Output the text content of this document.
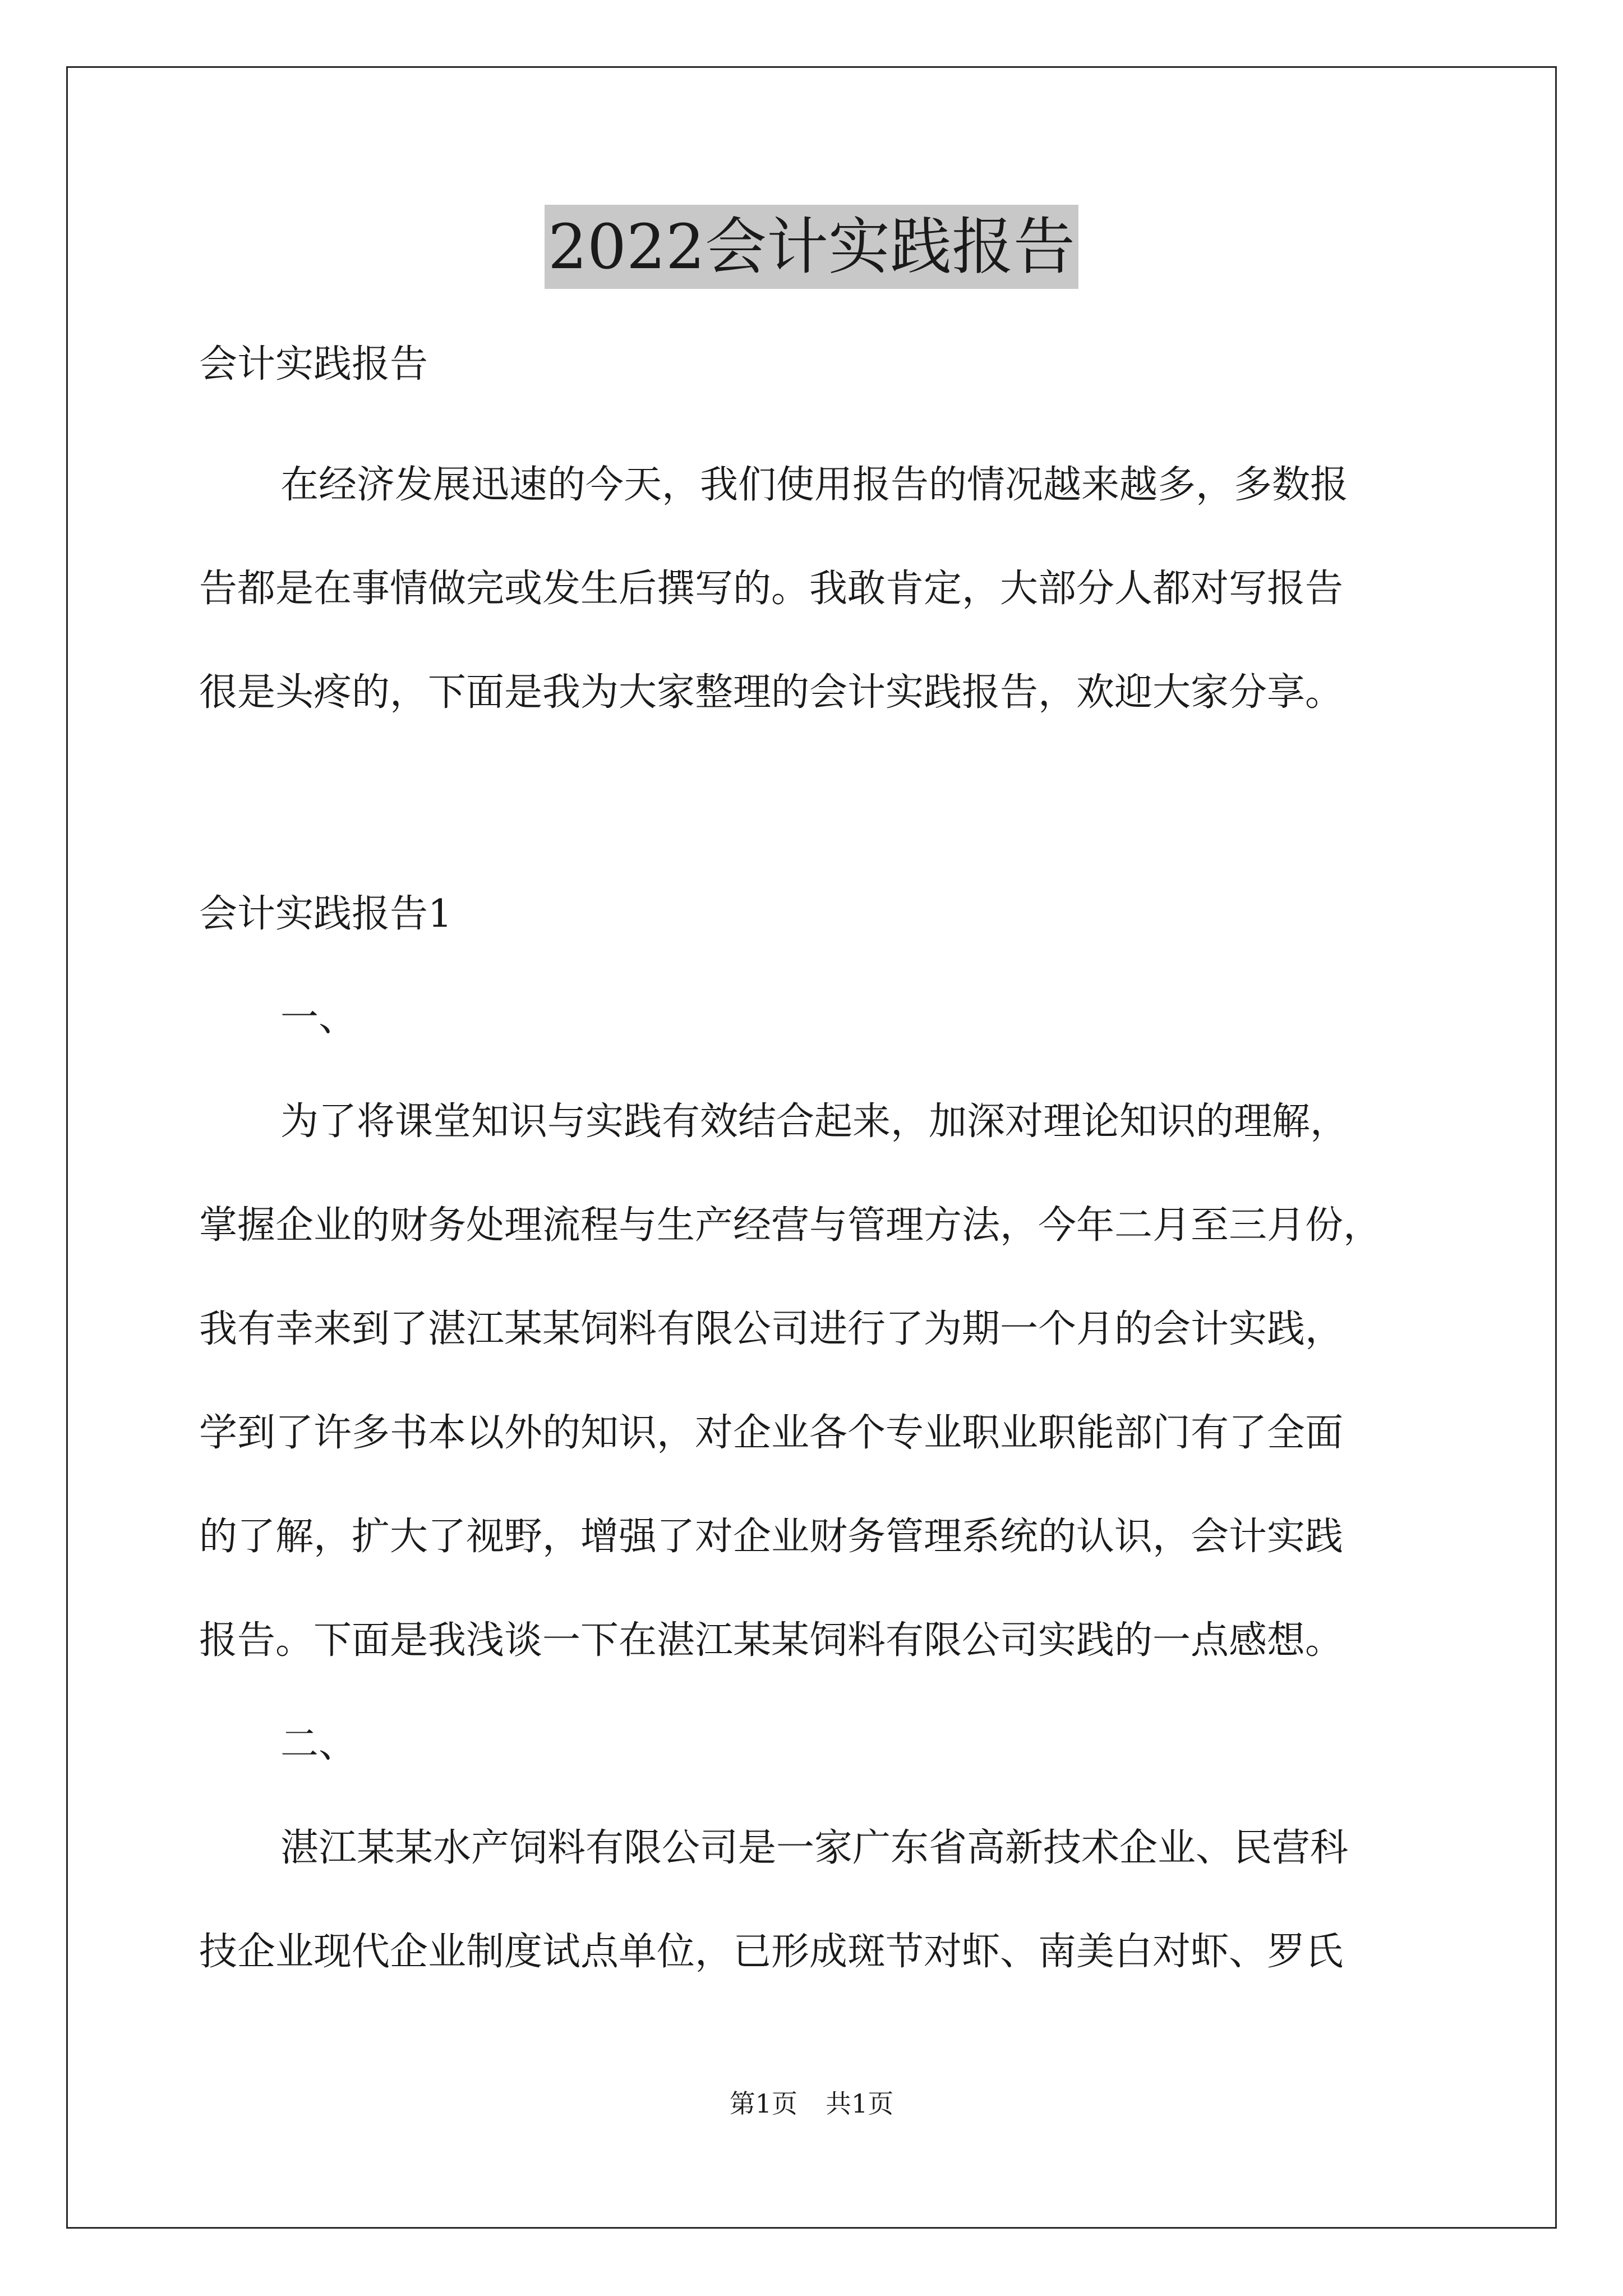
2022会计实践报告
会计实践报告
在经济发展迅速的今天，我们使用报告的情况越来越多，多数报
告都是在事情做完或发生后撰写的。我敢肯定，大部分人都对写报告
很是头疼的，下面是我为大家整理的会计实践报告，欢迎大家分享。
会计实践报告1
一、
为了将课堂知识与实践有效结合起来，加深对理论知识的理解，
掌握企业的财务处理流程与生产经营与管理方法，今年二月至三月份，
我有幸来到了湛江某某饲料有限公司进行了为期一个月的会计实践，
学到了许多书本以外的知识，对企业各个专业职业职能部门有了全面
的了解，扩大了视野，增强了对企业财务管理系统的认识，会计实践
报告。下面是我浅谈一下在湛江某某饲料有限公司实践的一点感想。
二、
湛江某某水产饲料有限公司是一家广东省高新技术企业、民营科
技企业现代企业制度试点单位，已形成斑节对虾、南美白对虾、罗氏
第1页 共1页
